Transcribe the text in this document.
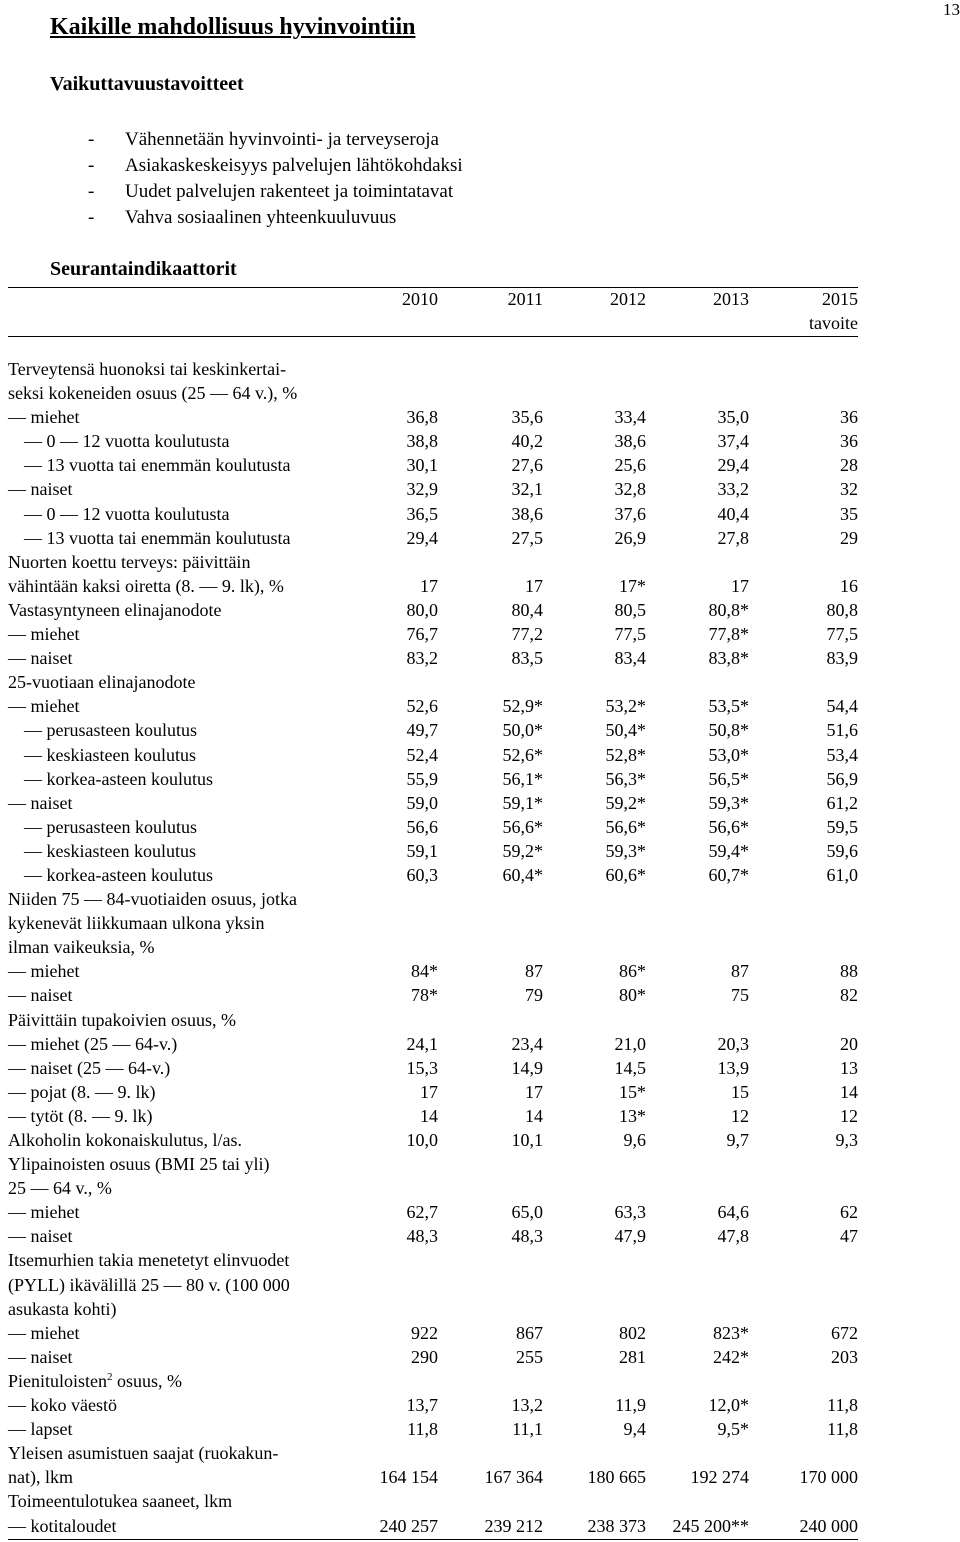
13
Kaikille mahdollisuus hyvinvointiin
Vaikuttavuustavoitteet
- Vähennetään hyvinvointi- ja terveyseroja
- Asiakaskeskeisyys palvelujen lähtökohdaksi
- Uudet palvelujen rakenteet ja toimintatavat
- Vahva sosiaalinen yhteenkuuluvuus
Seurantaindikaattorit
2010	2011	2012	2013	2015
tavoite
Terveytensä huonoksi tai keskinkertai-
seksi kokeneiden osuus (25 — 64 v.), %
— miehet	36,8	35,6	33,4	35,0	36
— 0 — 12 vuotta koulutusta	38,8	40,2	38,6	37,4	36
— 13 vuotta tai enemmän koulutusta	30,1	27,6	25,6	29,4	28
— naiset	32,9	32,1	32,8	33,2	32
— 0 — 12 vuotta koulutusta	36,5	38,6	37,6	40,4	35
— 13 vuotta tai enemmän koulutusta	29,4	27,5	26,9	27,8	29
Nuorten koettu terveys: päivittäin
vähintään kaksi oiretta (8. — 9. lk), %	17	17	17*	17	16
Vastasyntyneen elinajanodote	80,0	80,4	80,5	80,8*	80,8
— miehet	76,7	77,2	77,5	77,8*	77,5
— naiset	83,2	83,5	83,4	83,8*	83,9
25-vuotiaan elinajanodote
— miehet	52,6	52,9*	53,2*	53,5*	54,4
— perusasteen koulutus	49,7	50,0*	50,4*	50,8*	51,6
— keskiasteen koulutus	52,4	52,6*	52,8*	53,0*	53,4
— korkea-asteen koulutus	55,9	56,1*	56,3*	56,5*	56,9
— naiset	59,0	59,1*	59,2*	59,3*	61,2
— perusasteen koulutus	56,6	56,6*	56,6*	56,6*	59,5
— keskiasteen koulutus	59,1	59,2*	59,3*	59,4*	59,6
— korkea-asteen koulutus	60,3	60,4*	60,6*	60,7*	61,0
Niiden 75 — 84-vuotiaiden osuus, jotka
kykenevät liikkumaan ulkona yksin
ilman vaikeuksia, %
— miehet	84*	87	86*	87	88
— naiset	78*	79	80*	75	82
Päivittäin tupakoivien osuus, %
— miehet (25 — 64-v.)	24,1	23,4	21,0	20,3	20
— naiset (25 — 64-v.)	15,3	14,9	14,5	13,9	13
— pojat (8. — 9. lk)	17	17	15*	15	14
— tytöt (8. — 9. lk)	14	14	13*	12	12
Alkoholin kokonaiskulutus, l/as.	10,0	10,1	9,6	9,7	9,3
Ylipainoisten osuus (BMI 25 tai yli)
25 — 64 v., %
— miehet	62,7	65,0	63,3	64,6	62
— naiset	48,3	48,3	47,9	47,8	47
Itsemurhien takia menetetyt elinvuodet
(PYLL) ikävälillä 25 — 80 v. (100 000
asukasta kohti)
— miehet	922	867	802	823*	672
— naiset	290	255	281	242*	203
Pienituloisten$^2$ osuus, %
— koko väestö	13,7	13,2	11,9	12,0*	11,8
— lapset	11,8	11,1	9,4	9,5*	11,8
Yleisen asumistuen saajat (ruokakun-
nat), lkm	164 154	167 364	180 665	192 274	170 000
Toimeentulotukea saaneet, lkm
— kotitaloudet	240 257	239 212	238 373	245 200**	240 000
